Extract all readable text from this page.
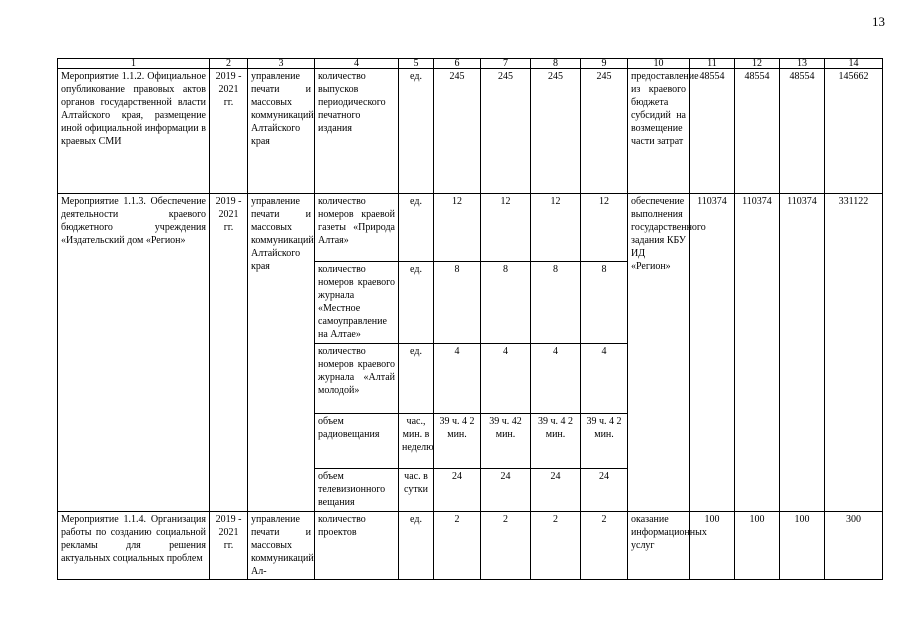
13
1	2	3	4	5	6	7	8	9	10	11	12	13	14
Мероприятие 1.1.2. Официальное опубликование правовых актов органов государственной власти Алтайского края, размещение иной официальной информации в краевых СМИ	2019 - 2021 гг.	управление печати и массовых коммуникаций Алтайского края	количество выпусков периодического печатного издания	ед.	245	245	245	245	предоставление из краевого бюджета субсидий на возмещение части затрат	48554	48554	48554	145662
Мероприятие 1.1.3. Обеспечение деятельности краевого бюджетного учреждения «Издательский дом «Регион»	2019 - 2021 гг.	управление печати и массовых коммуникаций Алтайского края	количество номеров краевой газеты «Природа Алтая»	ед.	12	12	12	12	обеспечение выполнения государственного задания КБУ ИД «Регион»	110374	110374	110374	331122
			количество номеров краевого журнала «Местное самоуправление на Алтае»	ед.	8	8	8	8					
			количество номеров краевого журнала «Алтай молодой»	ед.	4	4	4	4					
			объем радиовещания	час., мин. в неделю	39 ч. 4 2 мин.	39 ч. 42 мин.	39 ч. 4 2 мин.	39 ч. 4 2 мин.					
			объем телевизионного вещания	час. в сутки	24	24	24	24					
Мероприятие 1.1.4. Организация работы по созданию социальной рекламы для решения актуальных социальных проблем	2019 - 2021 гг.	управление печати и массовых коммуникаций Ал-	количество проектов	ед.	2	2	2	2	оказание информационных услуг	100	100	100	300
